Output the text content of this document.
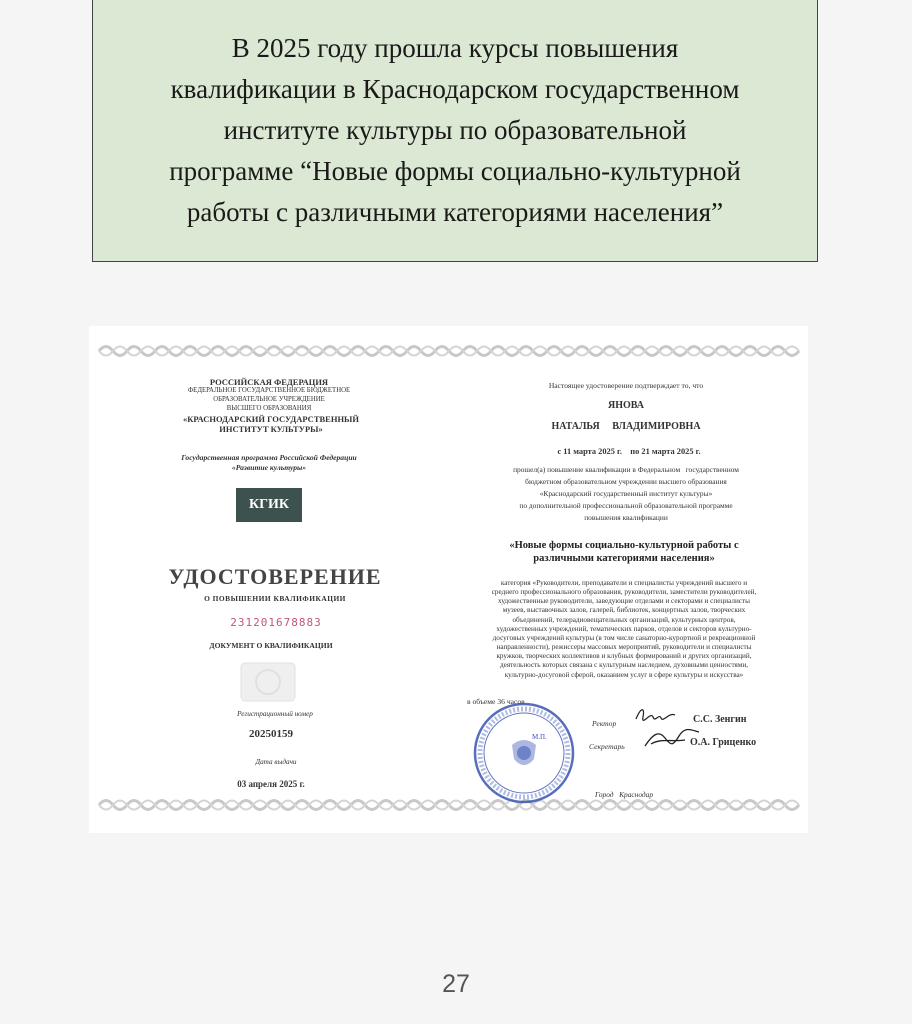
В 2025 году прошла курсы повышения
квалификации в Краснодарском государственном
институте культуры по образовательной
программе “Новые формы социально-культурной
работы с различными категориями населения”
РОССИЙСКАЯ ФЕДЕРАЦИЯ
ФЕДЕРАЛЬНОЕ ГОСУДАРСТВЕННОЕ БЮДЖЕТНОЕ
ОБРАЗОВАТЕЛЬНОЕ УЧРЕЖДЕНИЕ
ВЫСШЕГО ОБРАЗОВАНИЯ
«КРАСНОДАРСКИЙ ГОСУДАРСТВЕННЫЙ
ИНСТИТУТ КУЛЬТУРЫ»
Государственная программа Российской Федерации
«Развитие культуры»
КГИК
УДОСТОВЕРЕНИЕ
О ПОВЫШЕНИИ КВАЛИФИКАЦИИ
231201678883
ДОКУМЕНТ О КВАЛИФИКАЦИИ
Регистрационный номер
20250159
Дата выдачи
03 апреля 2025 г.
Настоящее удостоверение подтверждает то, что
ЯНОВА
НАТАЛЬЯ     ВЛАДИМИРОВНА
с 11 марта 2025 г.    по 21 марта 2025 г.
прошел(а) повышение квалификации в Федеральном   государственном
бюджетном образовательном учреждении высшего образования
«Краснодарский государственный институт культуры»
по дополнительной профессиональной образовательной программе
повышения квалификации
«Новые формы социально-культурной работы с
различными категориями населения»
категория «Руководители, преподаватели и специалисты учреждений высшего и
среднего профессионального образования, руководители, заместители руководителей,
художественные руководители, заведующие отделами и секторами и специалисты
музеев, выставочных залов, галерей, библиотек, концертных залов, творческих
объединений, телерадиовещательных организаций, культурных центров,
художественных учреждений, тематических парков, отделов и секторов культурно-
досуговых учреждений культуры (в том числе санаторно-курортной и рекреационной
направленности), режиссеры массовых мероприятий, руководители и специалисты
кружков, творческих коллективов и клубных формирований и других организаций,
деятельность которых связана с культурным наследием, духовными ценностями,
культурно-досуговой сферой, оказанием услуг в сфере культуры и искусства»
в объеме 36 часов
М.П.
Ректор	С.С. Зенгин
Секретарь	О.А. Гриценко
Город   Краснодар
27
